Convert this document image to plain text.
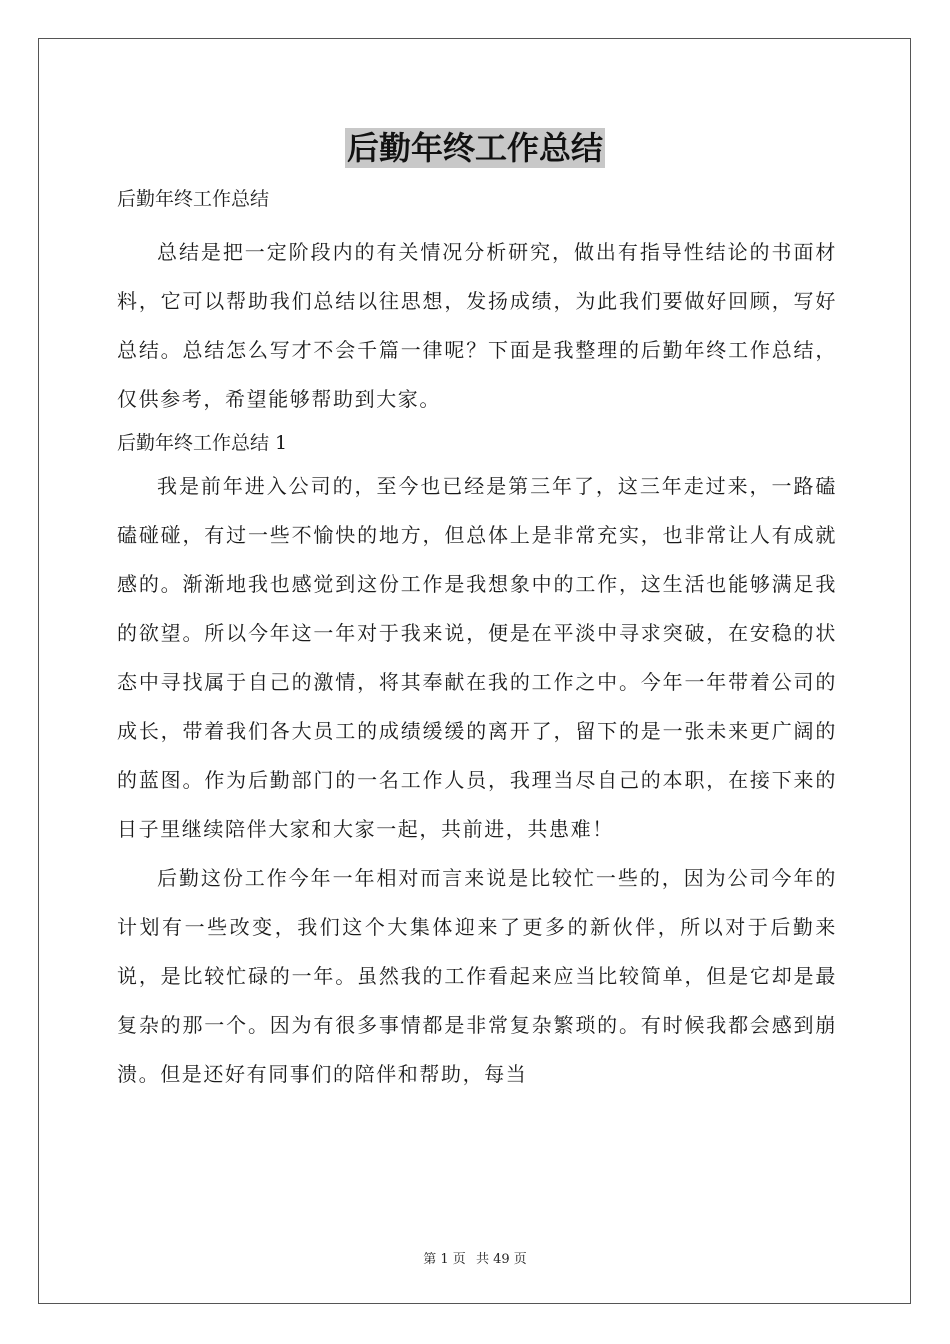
后勤年终工作总结

后勤年终工作总结

总结是把一定阶段内的有关情况分析研究，做出有指导性结论的书面材料，它可以帮助我们总结以往思想，发扬成绩，为此我们要做好回顾，写好总结。总结怎么写才不会千篇一律呢？下面是我整理的后勤年终工作总结，仅供参考，希望能够帮助到大家。

后勤年终工作总结 1

我是前年进入公司的，至今也已经是第三年了，这三年走过来，一路磕磕碰碰，有过一些不愉快的地方，但总体上是非常充实，也非常让人有成就感的。渐渐地我也感觉到这份工作是我想象中的工作，这生活也能够满足我的欲望。所以今年这一年对于我来说，便是在平淡中寻求突破，在安稳的状态中寻找属于自己的激情，将其奉献在我的工作之中。今年一年带着公司的成长，带着我们各大员工的成绩缓缓的离开了，留下的是一张未来更广阔的的蓝图。作为后勤部门的一名工作人员，我理当尽自己的本职，在接下来的日子里继续陪伴大家和大家一起，共前进，共患难！

后勤这份工作今年一年相对而言来说是比较忙一些的，因为公司今年的计划有一些改变，我们这个大集体迎来了更多的新伙伴，所以对于后勤来说，是比较忙碌的一年。虽然我的工作看起来应当比较简单，但是它却是最复杂的那一个。因为有很多事情都是非常复杂繁琐的。有时候我都会感到崩溃。但是还好有同事们的陪伴和帮助，每当

第 1 页 共 49 页
